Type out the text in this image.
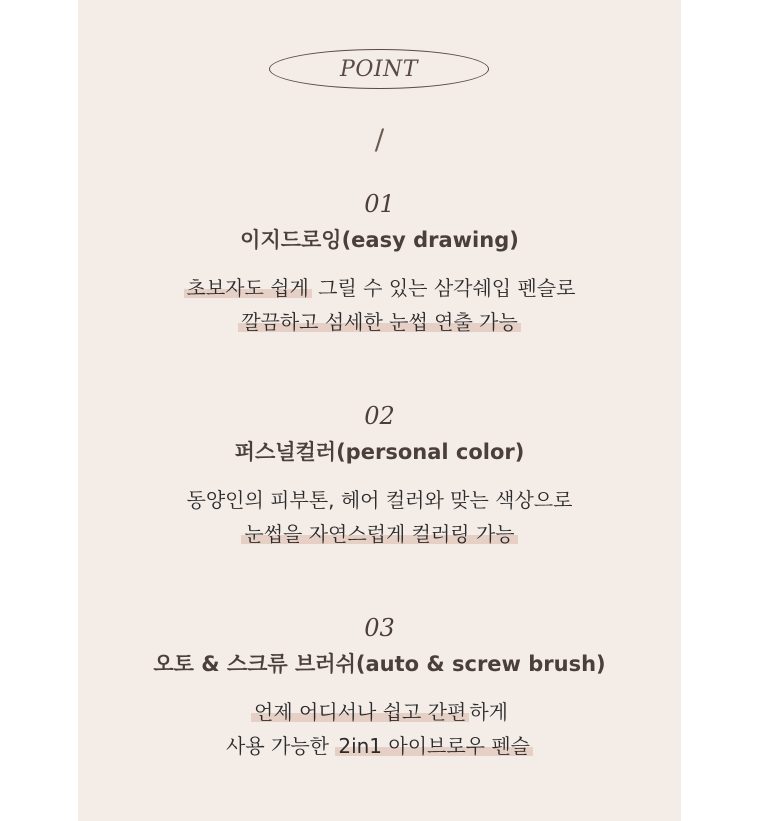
POINT
/
01
이지드로잉(easy drawing)
초보자도 쉽게 그릴 수 있는 삼각쉐입 펜슬로
깔끔하고 섬세한 눈썹 연출 가능
02
퍼스널컬러(personal color)
동양인의 피부톤, 헤어 컬러와 맞는 색상으로
눈썹을 자연스럽게 컬러링 가능
03
오토 & 스크류 브러쉬(auto & screw brush)
언제 어디서나 쉽고 간편 하게
사용 가능한 2in1 아이브로우 펜슬
